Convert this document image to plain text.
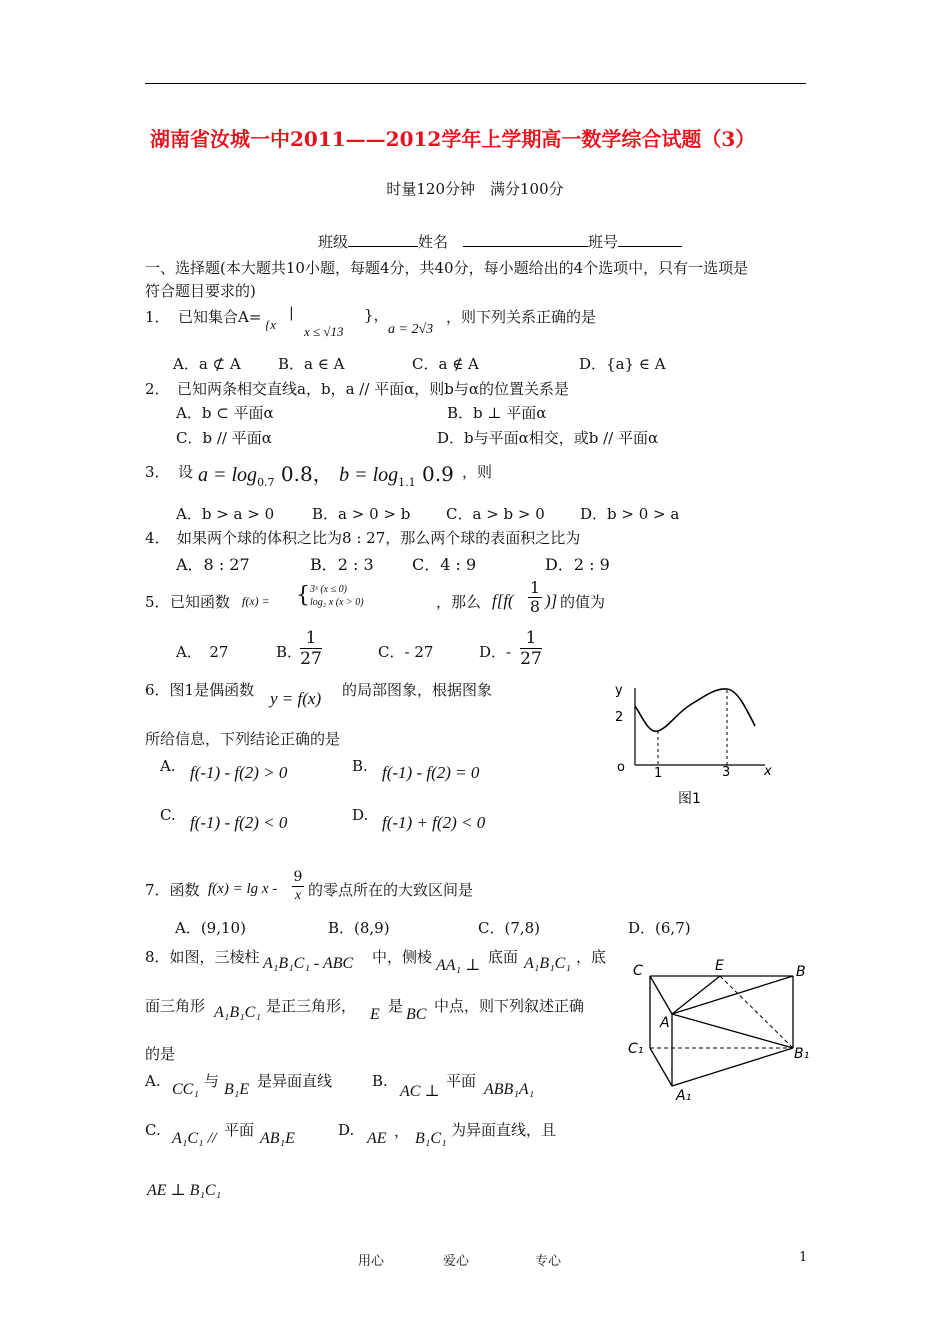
湖南省汝城一中2011——2012学年上学期高一数学综合试题（3）
时量120分钟　满分100分
班级	姓名　	班号
一、选择题(本大题共10小题，每题4分，共40分，每小题给出的4个选项中，只有一选项是
符合题目要求的)
1． 已知集合A= {x
|
x ≤ √13
}，
a = 2√3
，则下列关系正确的是
A．a ⊄ A B．a ∈ A	C．a ∉ A	D．{a} ∈ A
2．　已知两条相交直线a，b，a // 平面α，则b与α的位置关系是
A．b ⊂ 平面α	B．b ⊥ 平面α
C．b // 平面α	D．b与平面α相交，或b // 平面α
3． 设 $a = \log_{0.7} 0.8$， $b = \log_{1.1} 0.9$ ，则
A．b > a > 0	B．a > 0 > b C．a > b > 0 D．b > 0 > a
4．　如果两个球的体积之比为8 : 27，那么两个球的表面积之比为
A．8 : 27	B．2 : 3 C．4 : 9	D．2 : 9
5． 已知函数 f(x) = { 3ˣ (x ≤ 0)
log₂ x (x > 0)	，那么 $f[f( \frac{1}{8}$ )] 的值为
A．　27	B．
$\frac{1}{27}$	C．- 27	D．- $\frac{1}{27}$
6．图1是偶函数 y = f(x) 的局部图象，根据图象
所给信息，下列结论正确的是
A. f(-1) - f(2) > 0	B. f(-1) - f(2) = 0
C. f(-1) - f(2) < 0	D. f(-1) + f(2) < 0
y
2
o 1	3	x
图1
7．函数 $f(x) = \lg x - \frac{9}{x}$ 的零点所在的大致区间是
A．(9,10)	B．(8,9)	C．(7,8)	D．(6,7)
8．如图，三棱柱 A₁B₁C₁ - ABC 中，侧棱 AA₁ ⊥ 底面 A₁B₁C₁ ，底
面三角形 A₁B₁C₁ 是正三角形， E 是 BC 中点，则下列叙述正确
的是
A. CC₁ 与 B₁E 是异面直线	B.
AC ⊥
平面 ABB₁A₁
C. A₁C₁ // 平面 AB₁E	D. AE ， B₁C₁ 为异面直线，且
AE ⊥ B₁C₁
C	E	B
A
C₁	B₁
A₁
用心	爱心	专心	1
